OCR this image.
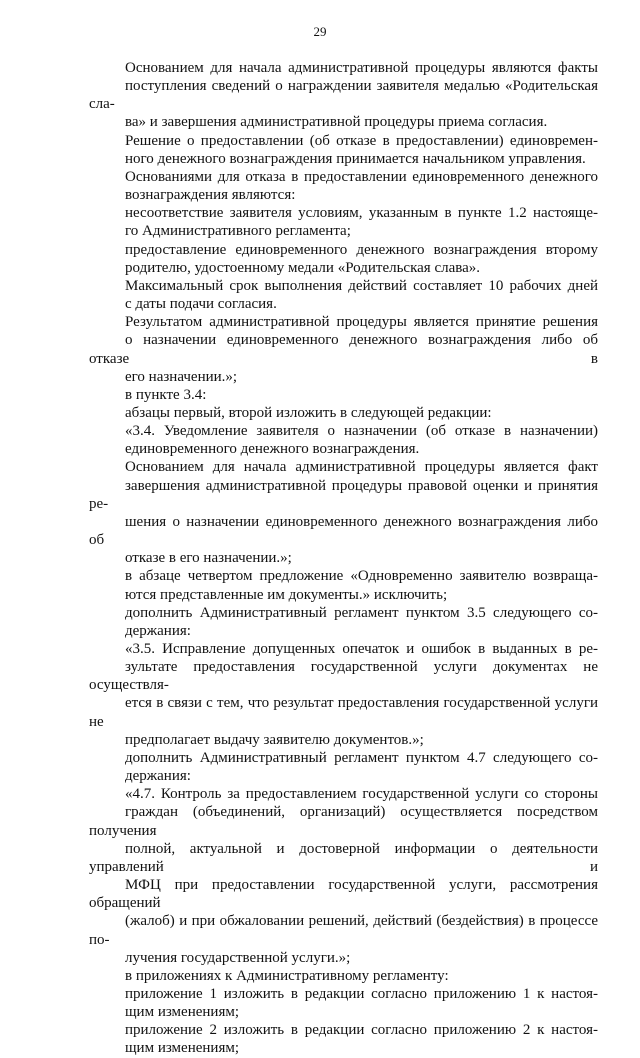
29

Основанием для начала административной процедуры являются факты
поступления сведений о награждении заявителя медалью «Родительская сла-
ва» и завершения административной процедуры приема согласия.

Решение о предоставлении (об отказе в предоставлении) единовремен-
ного денежного вознаграждения принимается начальником управления.

Основаниями для отказа в предоставлении единовременного денежного
вознаграждения являются:

несоответствие заявителя условиям, указанным в пункте 1.2 настояще-
го Административного регламента;

предоставление единовременного денежного вознаграждения второму
родителю, удостоенному медали «Родительская слава».

Максимальный срок выполнения действий составляет 10 рабочих дней
с даты подачи согласия.

Результатом административной процедуры является принятие решения
о назначении единовременного денежного вознаграждения либо об отказе в
его назначении.»;

в пункте 3.4:

абзацы первый, второй изложить в следующей редакции:

«3.4. Уведомление заявителя о назначении (об отказе в назначении)
единовременного денежного вознаграждения.

Основанием для начала административной процедуры является факт
завершения административной процедуры правовой оценки и принятия ре-
шения о назначении единовременного денежного вознаграждения либо об
отказе в его назначении.»;

в абзаце четвертом предложение «Одновременно заявителю возвраща-
ются представленные им документы.» исключить;

дополнить Административный регламент пунктом 3.5 следующего со-
держания:

«3.5. Исправление допущенных опечаток и ошибок в выданных в ре-
зультате предоставления государственной услуги документах не осуществля-
ется в связи с тем, что результат предоставления государственной услуги не
предполагает выдачу заявителю документов.»;

дополнить Административный регламент пунктом 4.7 следующего со-
держания:

«4.7. Контроль за предоставлением государственной услуги со стороны
граждан (объединений, организаций) осуществляется посредством получения
полной, актуальной и достоверной информации о деятельности управлений и
МФЦ при предоставлении государственной услуги, рассмотрения обращений
(жалоб) и при обжаловании решений, действий (бездействия) в процессе по-
лучения государственной услуги.»;

в приложениях к Административному регламенту:

приложение 1 изложить в редакции согласно приложению 1 к настоя-
щим изменениям;

приложение 2 изложить в редакции согласно приложению 2 к настоя-
щим изменениям;
